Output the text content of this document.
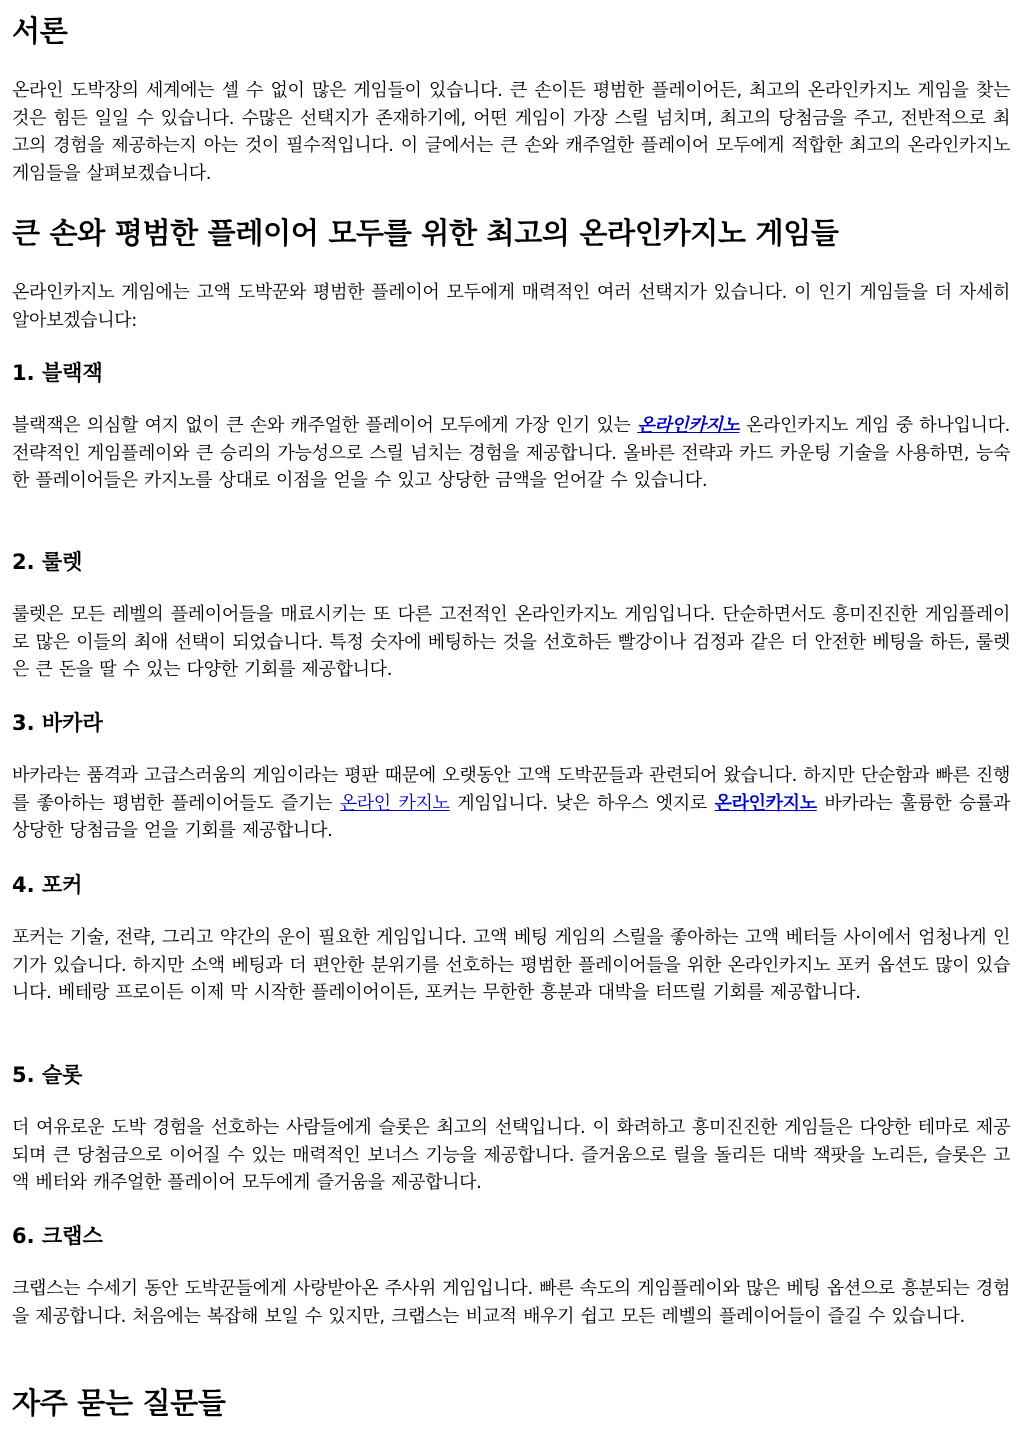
서론

온라인 도박장의 세계에는 셀 수 없이 많은 게임들이 있습니다. 큰 손이든 평범한 플레이어든, 최고의 온라인카지노 게임을 찾는 것은 힘든 일일 수 있습니다. 수많은 선택지가 존재하기에, 어떤 게임이 가장 스릴 넘치며, 최고의 당첨금을 주고, 전반적으로 최고의 경험을 제공하는지 아는 것이 필수적입니다. 이 글에서는 큰 손와 캐주얼한 플레이어 모두에게 적합한 최고의 온라인카지노 게임들을 살펴보겠습니다.

큰 손와 평범한 플레이어 모두를 위한 최고의 온라인카지노 게임들

온라인카지노 게임에는 고액 도박꾼와 평범한 플레이어 모두에게 매력적인 여러 선택지가 있습니다. 이 인기 게임들을 더 자세히 알아보겠습니다:

1. 블랙잭

블랙잭은 의심할 여지 없이 큰 손와 캐주얼한 플레이어 모두에게 가장 인기 있는 온라인카지노 온라인카지노 게임 중 하나입니다. 전략적인 게임플레이와 큰 승리의 가능성으로 스릴 넘치는 경험을 제공합니다. 올바른 전략과 카드 카운팅 기술을 사용하면, 능숙한 플레이어들은 카지노를 상대로 이점을 얻을 수 있고 상당한 금액을 얻어갈 수 있습니다.

2. 룰렛

룰렛은 모든 레벨의 플레이어들을 매료시키는 또 다른 고전적인 온라인카지노 게임입니다. 단순하면서도 흥미진진한 게임플레이로 많은 이들의 최애 선택이 되었습니다. 특정 숫자에 베팅하는 것을 선호하든 빨강이나 검정과 같은 더 안전한 베팅을 하든, 룰렛은 큰 돈을 딸 수 있는 다양한 기회를 제공합니다.

3. 바카라

바카라는 품격과 고급스러움의 게임이라는 평판 때문에 오랫동안 고액 도박꾼들과 관련되어 왔습니다. 하지만 단순함과 빠른 진행를 좋아하는 평범한 플레이어들도 즐기는 온라인 카지노 게임입니다. 낮은 하우스 엣지로 온라인카지노 바카라는 훌륭한 승률과 상당한 당첨금을 얻을 기회를 제공합니다.

4. 포커

포커는 기술, 전략, 그리고 약간의 운이 필요한 게임입니다. 고액 베팅 게임의 스릴을 좋아하는 고액 베터들 사이에서 엄청나게 인기가 있습니다. 하지만 소액 베팅과 더 편안한 분위기를 선호하는 평범한 플레이어들을 위한 온라인카지노 포커 옵션도 많이 있습니다. 베테랑 프로이든 이제 막 시작한 플레이어이든, 포커는 무한한 흥분과 대박을 터뜨릴 기회를 제공합니다.

5. 슬롯

더 여유로운 도박 경험을 선호하는 사람들에게 슬롯은 최고의 선택입니다. 이 화려하고 흥미진진한 게임들은 다양한 테마로 제공되며 큰 당첨금으로 이어질 수 있는 매력적인 보너스 기능을 제공합니다. 즐거움으로 릴을 돌리든 대박 잭팟을 노리든, 슬롯은 고액 베터와 캐주얼한 플레이어 모두에게 즐거움을 제공합니다.

6. 크랩스

크랩스는 수세기 동안 도박꾼들에게 사랑받아온 주사위 게임입니다. 빠른 속도의 게임플레이와 많은 베팅 옵션으로 흥분되는 경험을 제공합니다. 처음에는 복잡해 보일 수 있지만, 크랩스는 비교적 배우기 쉽고 모든 레벨의 플레이어들이 즐길 수 있습니다.

자주 묻는 질문들
